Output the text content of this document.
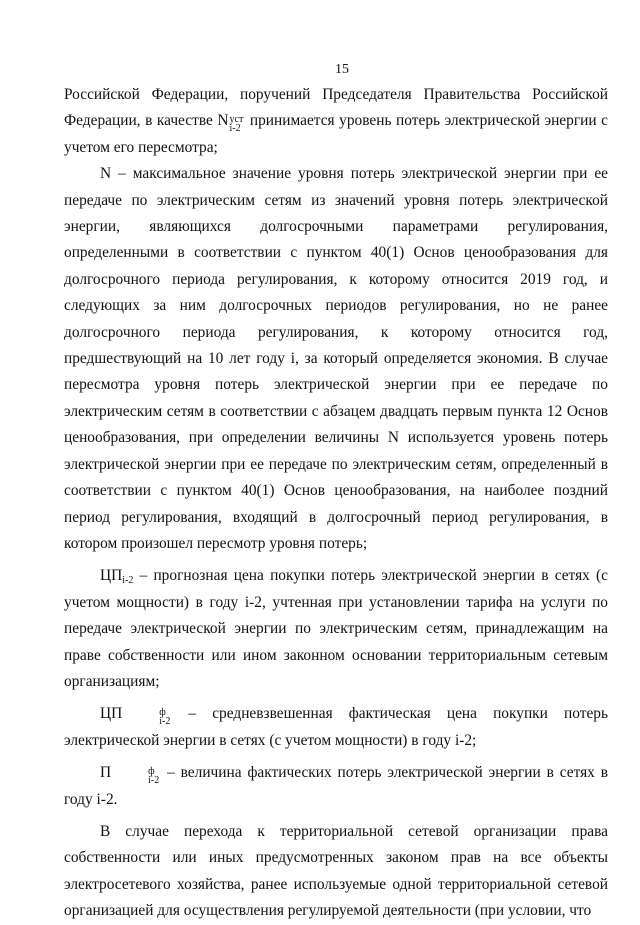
15

Российской Федерации, поручений Председателя Правительства Российской Федерации, в качестве N уст
i-2 принимается уровень потерь электрической энергии с учетом его пересмотра;

N – максимальное значение уровня потерь электрической энергии при ее передаче по электрическим сетям из значений уровня потерь электрической энергии, являющихся долгосрочными параметрами регулирования, определенными в соответствии с пунктом 40(1) Основ ценообразования для долгосрочного периода регулирования, к которому относится 2019 год, и следующих за ним долгосрочных периодов регулирования, но не ранее долгосрочного периода регулирования, к которому относится год, предшествующий на 10 лет году i, за который определяется экономия. В случае пересмотра уровня потерь электрической энергии при ее передаче по электрическим сетям в соответствии с абзацем двадцать первым пункта 12 Основ ценообразования, при определении величины N используется уровень потерь электрической энергии при ее передаче по электрическим сетям, определенный в соответствии с пунктом 40(1) Основ ценообразования, на наиболее поздний период регулирования, входящий в долгосрочный период регулирования, в котором произошел пересмотр уровня потерь;

$ЦП_{i-2}$ – прогнозная цена покупки потерь электрической энергии в сетях (с учетом мощности) в году i-2, учтенная при установлении тарифа на услуги по передаче электрической энергии по электрическим сетям, принадлежащим на праве собственности или ином законном основании территориальным сетевым организациям;

ЦП	ф
i-2 – средневзвешенная фактическая цена покупки потерь электрической энергии в сетях (с учетом мощности) в году i-2;

П	ф
i-2 – величина фактических потерь электрической энергии в сетях в году i-2.

В случае перехода к территориальной сетевой организации права собственности или иных предусмотренных законом прав на все объекты электросетевого хозяйства, ранее используемые одной территориальной сетевой организацией для осуществления регулируемой деятельности (при условии, что
